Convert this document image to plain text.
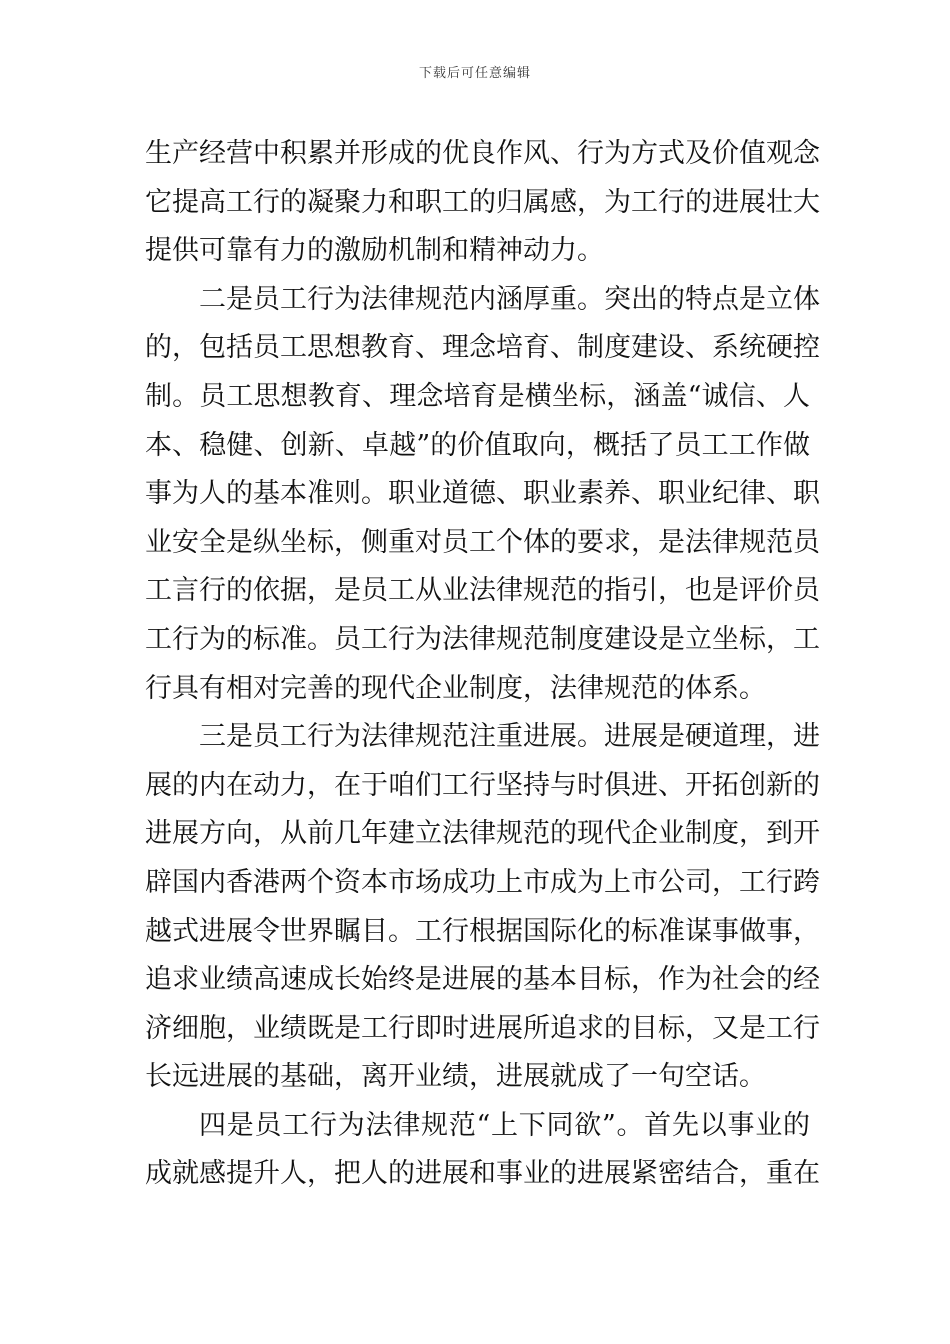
下载后可任意编辑
生产经营中积累并形成的优良作风、行为方式及价值观念
它提高工行的凝聚力和职工的归属感，为工行的进展壮大
提供可靠有力的激励机制和精神动力。
二是员工行为法律规范内涵厚重。突出的特点是立体
的，包括员工思想教育、理念培育、制度建设、系统硬控
制。员工思想教育、理念培育是横坐标，涵盖“诚信、人
本、稳健、创新、卓越”的价值取向，概括了员工工作做
事为人的基本准则。职业道德、职业素养、职业纪律、职
业安全是纵坐标，侧重对员工个体的要求，是法律规范员
工言行的依据，是员工从业法律规范的指引，也是评价员
工行为的标准。员工行为法律规范制度建设是立坐标，工
行具有相对完善的现代企业制度，法律规范的体系。
三是员工行为法律规范注重进展。进展是硬道理，进
展的内在动力，在于咱们工行坚持与时俱进、开拓创新的
进展方向，从前几年建立法律规范的现代企业制度，到开
辟国内香港两个资本市场成功上市成为上市公司，工行跨
越式进展令世界瞩目。工行根据国际化的标准谋事做事，
追求业绩高速成长始终是进展的基本目标，作为社会的经
济细胞，业绩既是工行即时进展所追求的目标，又是工行
长远进展的基础，离开业绩，进展就成了一句空话。
四是员工行为法律规范“上下同欲”。首先以事业的
成就感提升人，把人的进展和事业的进展紧密结合，重在
